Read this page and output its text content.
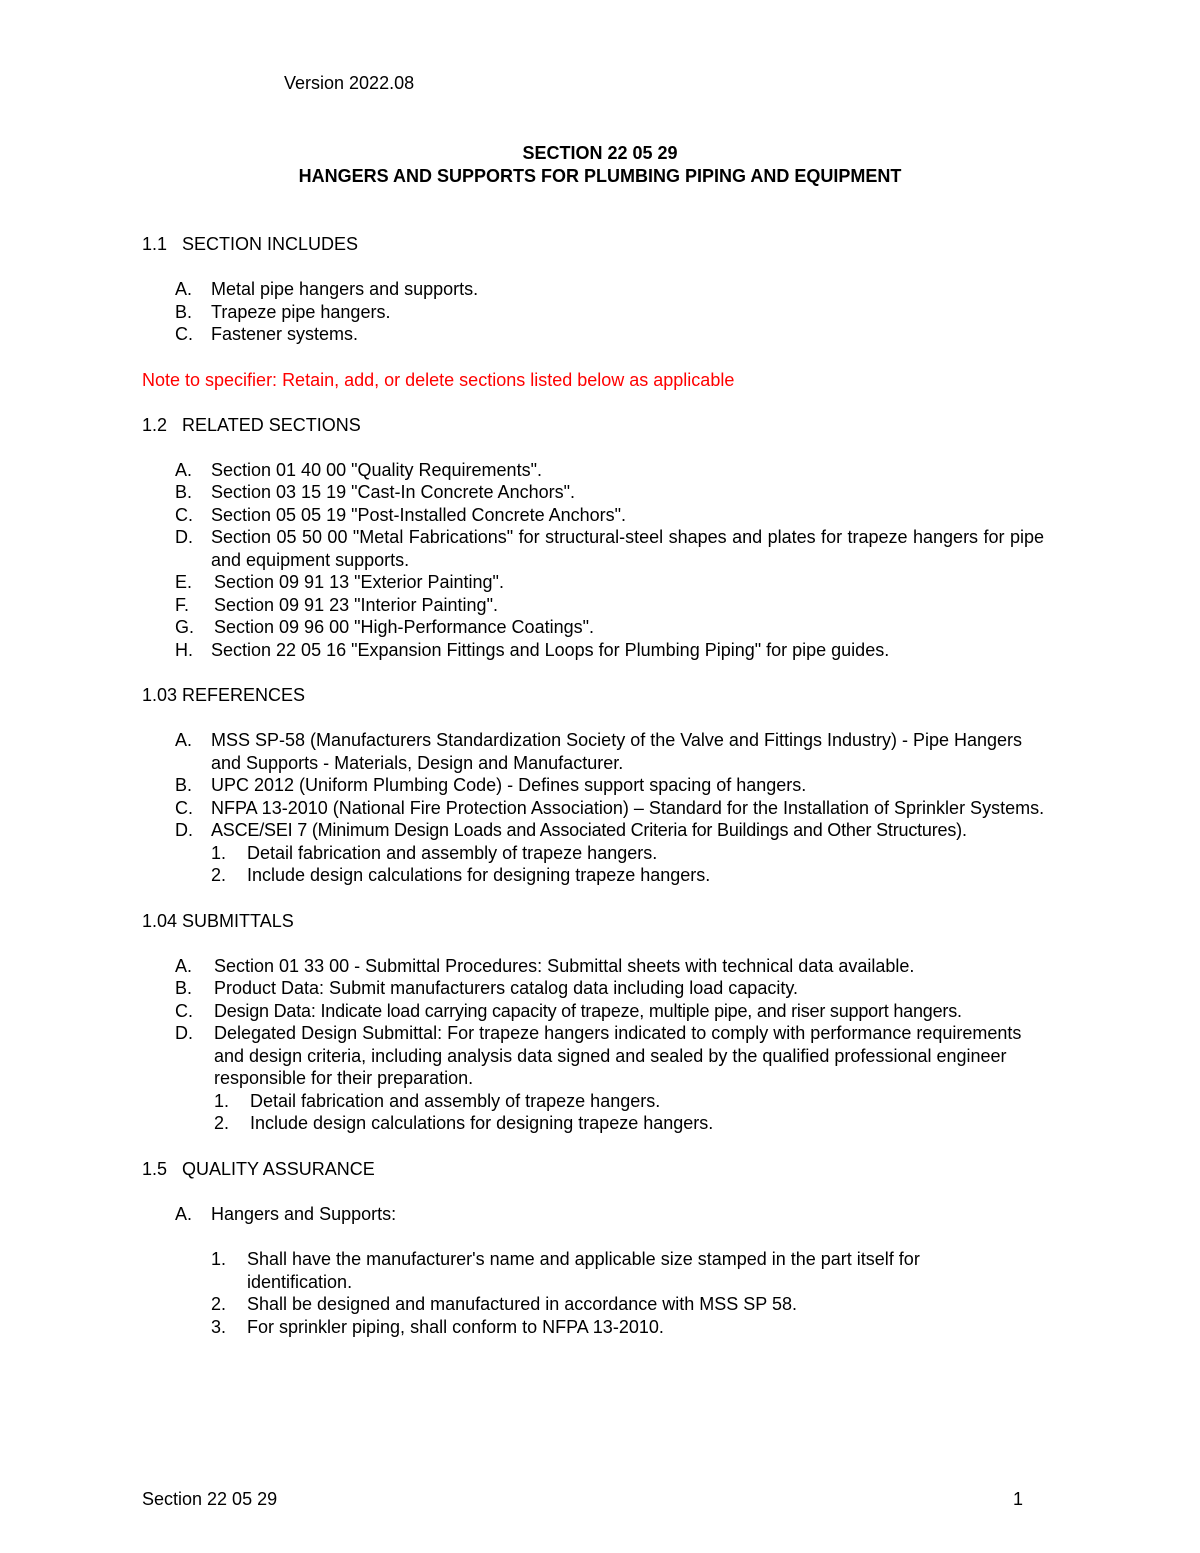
Version 2022.08
SECTION 22 05 29
HANGERS AND SUPPORTS FOR PLUMBING PIPING AND EQUIPMENT
1.1   SECTION INCLUDES
A.	Metal pipe hangers and supports.
B.	Trapeze pipe hangers.
C.	Fastener systems.
Note to specifier: Retain, add, or delete sections listed below as applicable
1.2   RELATED SECTIONS
A.	Section 01 40 00 "Quality Requirements".
B.	Section 03 15 19 "Cast-In Concrete Anchors".
C.	Section 05 05 19 "Post-Installed Concrete Anchors".
D.	Section 05 50 00 "Metal Fabrications" for structural-steel shapes and plates for trapeze hangers for pipe and equipment supports.
E.	Section 09 91 13 "Exterior Painting".
F.	Section 09 91 23 "Interior Painting".
G.	Section 09 96 00 "High-Performance Coatings".
H.	Section 22 05 16 "Expansion Fittings and Loops for Plumbing Piping" for pipe guides.
1.03 REFERENCES
A.	MSS SP-58 (Manufacturers Standardization Society of the Valve and Fittings Industry) - Pipe Hangers and Supports - Materials, Design and Manufacturer.
B.	UPC 2012 (Uniform Plumbing Code) - Defines support spacing of hangers.
C.	NFPA 13-2010 (National Fire Protection Association) – Standard for the Installation of Sprinkler Systems.
D.	ASCE/SEI 7 (Minimum Design Loads and Associated Criteria for Buildings and Other Structures).
1.	Detail fabrication and assembly of trapeze hangers.
2.	Include design calculations for designing trapeze hangers.
1.04 SUBMITTALS
A.	Section 01 33 00 - Submittal Procedures: Submittal sheets with technical data available.
B.	Product Data: Submit manufacturers catalog data including load capacity.
C.	Design Data: Indicate load carrying capacity of trapeze, multiple pipe, and riser support hangers.
D.	Delegated Design Submittal: For trapeze hangers indicated to comply with performance requirements and design criteria, including analysis data signed and sealed by the qualified professional engineer responsible for their preparation.
1.	Detail fabrication and assembly of trapeze hangers.
2.	Include design calculations for designing trapeze hangers.
1.5   QUALITY ASSURANCE
A.	Hangers and Supports:
1.	Shall have the manufacturer's name and applicable size stamped in the part itself for identification.
2.	Shall be designed and manufactured in accordance with MSS SP 58.
3.	For sprinkler piping, shall conform to NFPA 13-2010.
Section 22 05 29	1
